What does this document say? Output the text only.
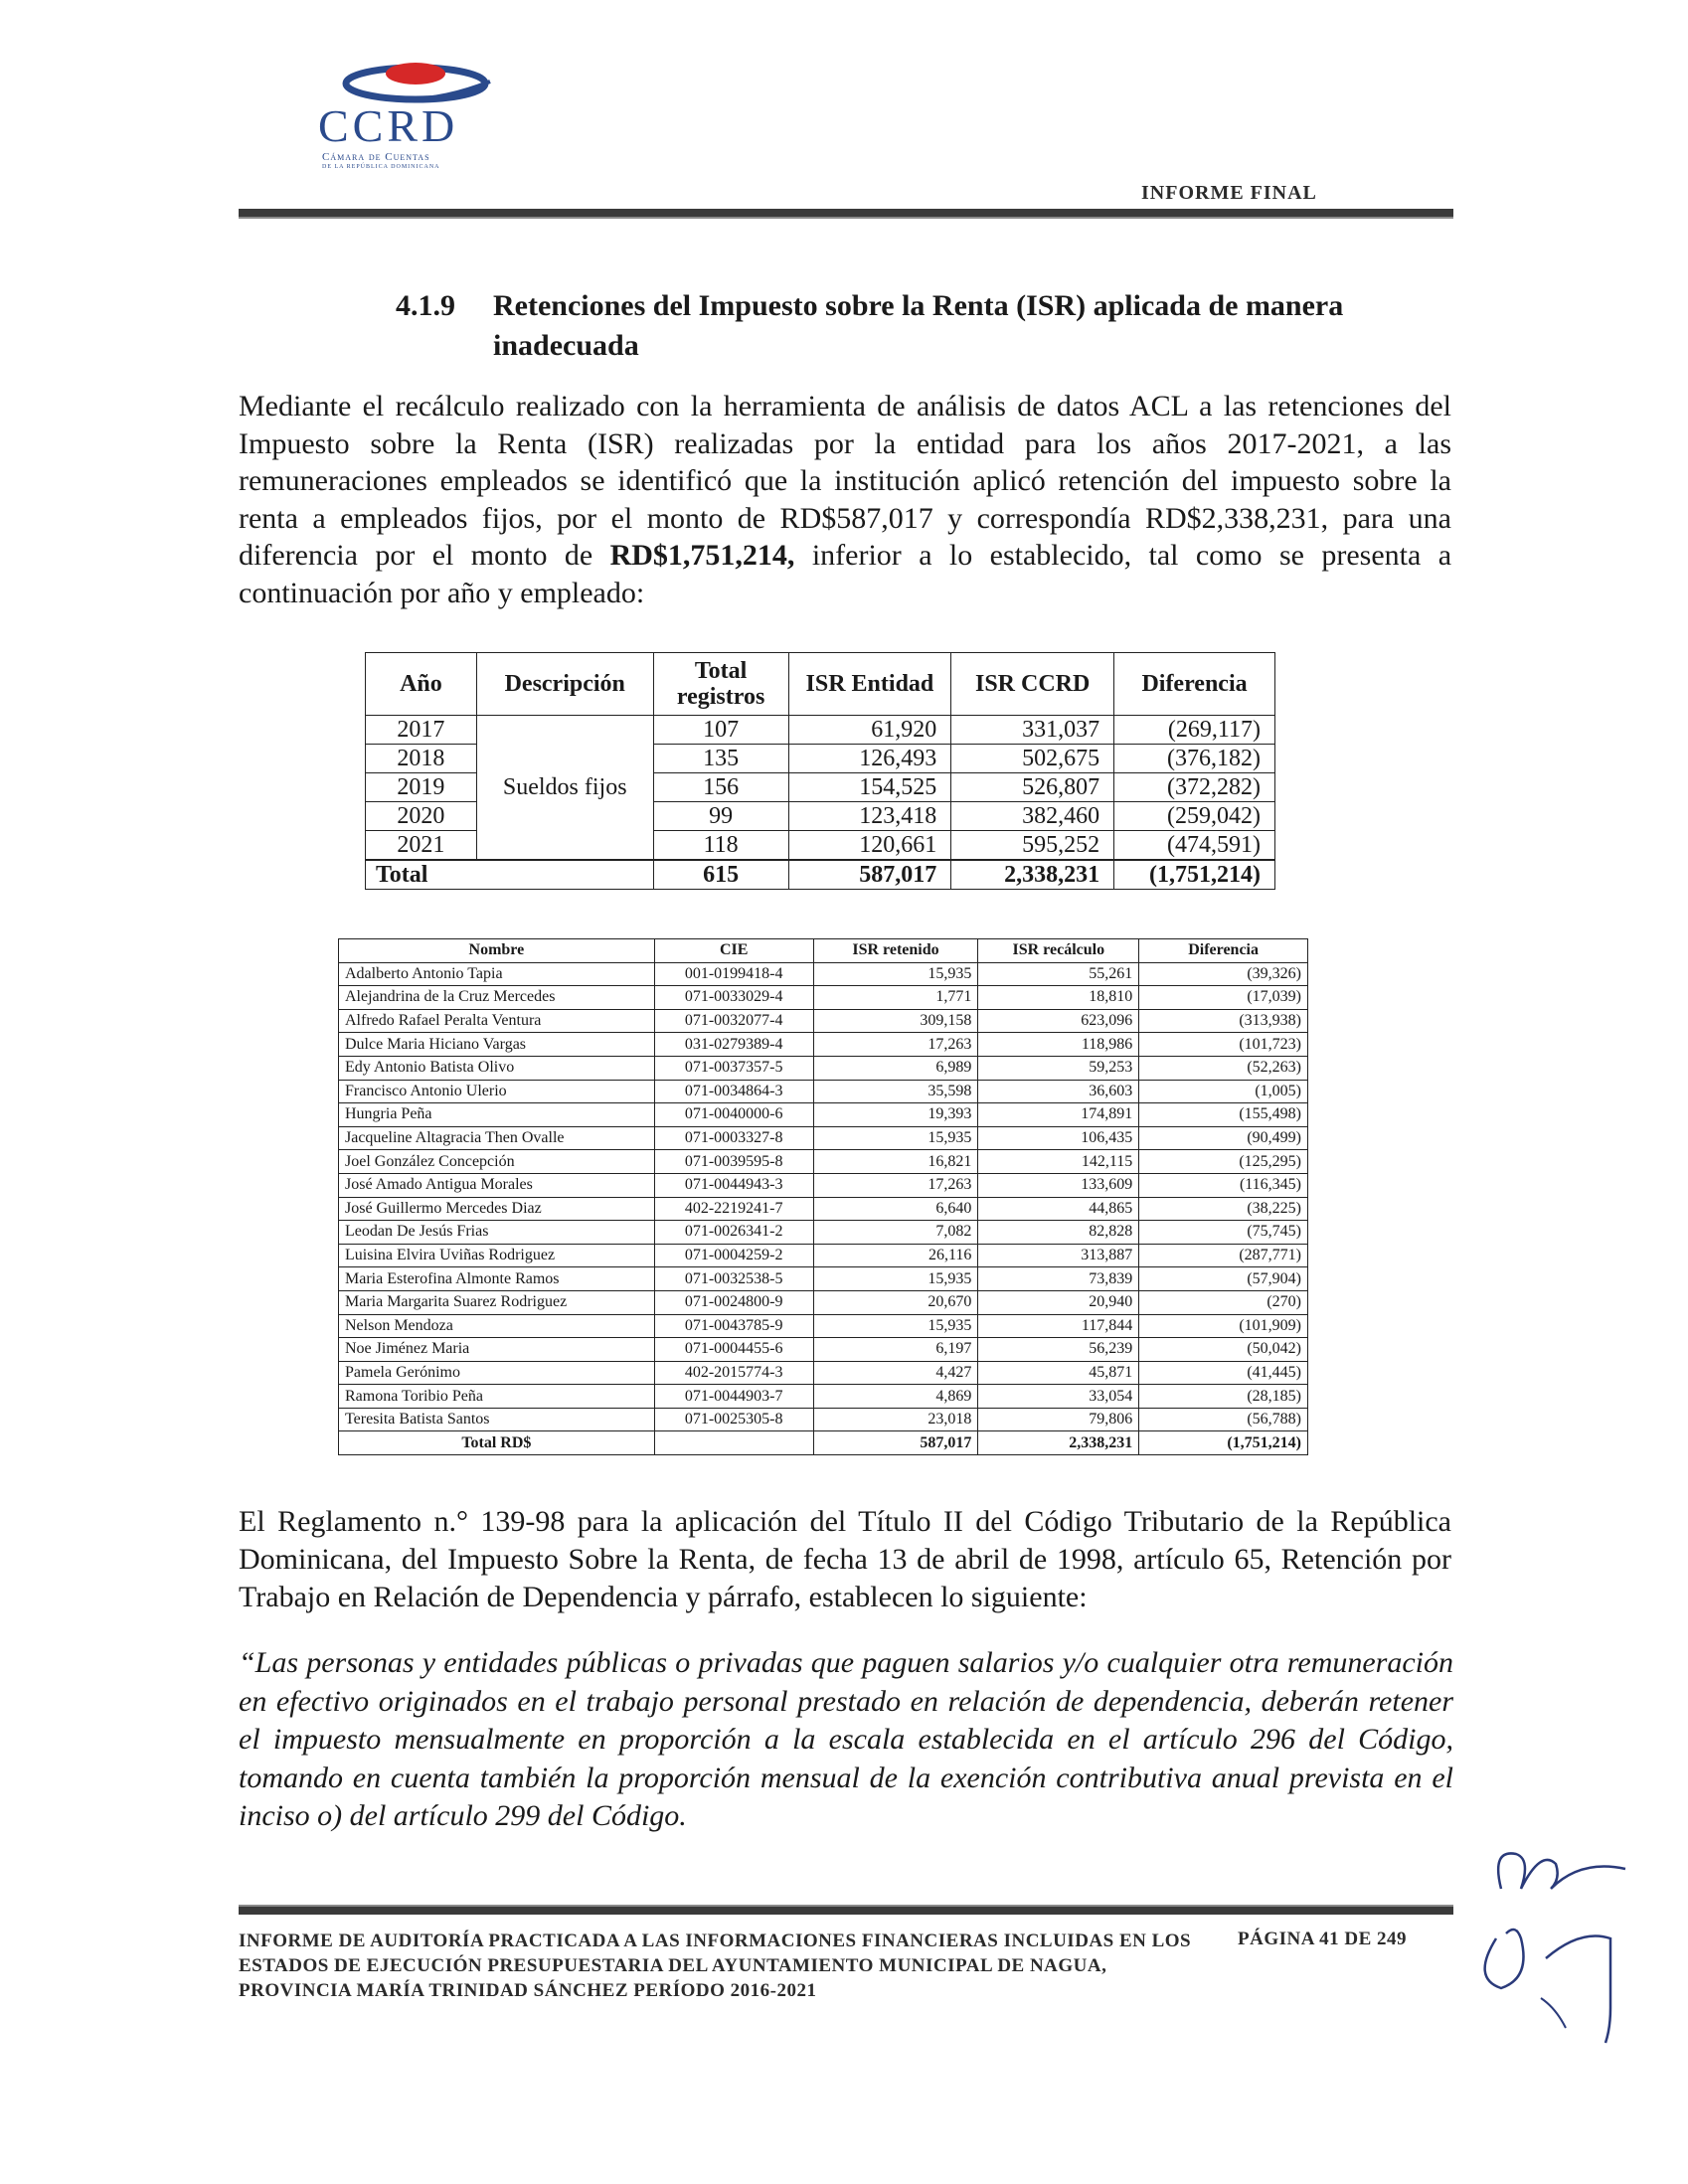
CCRD
Cámara de Cuentas
DE LA REPÚBLICA DOMINICANA
INFORME FINAL
4.1.9 Retenciones del Impuesto sobre la Renta (ISR) aplicada de manera inadecuada
Mediante el recálculo realizado con la herramienta de análisis de datos ACL a las retenciones del Impuesto sobre la Renta (ISR) realizadas por la entidad para los años 2017-2021, a las remuneraciones empleados se identificó que la institución aplicó retención del impuesto sobre la renta a empleados fijos, por el monto de RD$587,017 y correspondía RD$2,338,231, para una diferencia por el monto de RD$1,751,214, inferior a lo establecido, tal como se presenta a continuación por año y empleado:
Año	Descripción	Total registros	ISR Entidad	ISR CCRD	Diferencia
2017	Sueldos fijos	107	61,920	331,037	(269,117)
2018		135	126,493	502,675	(376,182)
2019		156	154,525	526,807	(372,282)
2020		99	123,418	382,460	(259,042)
2021		118	120,661	595,252	(474,591)
Total		615	587,017	2,338,231	(1,751,214)
Nombre	CIE	ISR retenido	ISR recálculo	Diferencia
Adalberto Antonio Tapia	001-0199418-4	15,935	55,261	(39,326)
Alejandrina de la Cruz Mercedes	071-0033029-4	1,771	18,810	(17,039)
Alfredo Rafael Peralta Ventura	071-0032077-4	309,158	623,096	(313,938)
Dulce Maria Hiciano Vargas	031-0279389-4	17,263	118,986	(101,723)
Edy Antonio Batista Olivo	071-0037357-5	6,989	59,253	(52,263)
Francisco Antonio Ulerio	071-0034864-3	35,598	36,603	(1,005)
Hungria Peña	071-0040000-6	19,393	174,891	(155,498)
Jacqueline Altagracia Then Ovalle	071-0003327-8	15,935	106,435	(90,499)
Joel González Concepción	071-0039595-8	16,821	142,115	(125,295)
José Amado Antigua Morales	071-0044943-3	17,263	133,609	(116,345)
José Guillermo Mercedes Diaz	402-2219241-7	6,640	44,865	(38,225)
Leodan De Jesús Frias	071-0026341-2	7,082	82,828	(75,745)
Luisina Elvira Uviñas Rodriguez	071-0004259-2	26,116	313,887	(287,771)
Maria Esterofina Almonte Ramos	071-0032538-5	15,935	73,839	(57,904)
Maria Margarita Suarez Rodriguez	071-0024800-9	20,670	20,940	(270)
Nelson Mendoza	071-0043785-9	15,935	117,844	(101,909)
Noe Jiménez Maria	071-0004455-6	6,197	56,239	(50,042)
Pamela Gerónimo	402-2015774-3	4,427	45,871	(41,445)
Ramona Toribio Peña	071-0044903-7	4,869	33,054	(28,185)
Teresita Batista Santos	071-0025305-8	23,018	79,806	(56,788)
Total RD$		587,017	2,338,231	(1,751,214)
El Reglamento n.° 139-98 para la aplicación del Título II del Código Tributario de la República Dominicana, del Impuesto Sobre la Renta, de fecha 13 de abril de 1998, artículo 65, Retención por Trabajo en Relación de Dependencia y párrafo, establecen lo siguiente:
“Las personas y entidades públicas o privadas que paguen salarios y/o cualquier otra remuneración en efectivo originados en el trabajo personal prestado en relación de dependencia, deberán retener el impuesto mensualmente en proporción a la escala establecida en el artículo 296 del Código, tomando en cuenta también la proporción mensual de la exención contributiva anual prevista en el inciso o) del artículo 299 del Código.
INFORME DE AUDITORÍA PRACTICADA A LAS INFORMACIONES FINANCIERAS INCLUIDAS EN LOS ESTADOS DE EJECUCIÓN PRESUPUESTARIA DEL AYUNTAMIENTO MUNICIPAL DE NAGUA, PROVINCIA MARÍA TRINIDAD SÁNCHEZ PERÍODO 2016-2021
PÁGINA 41 DE 249
